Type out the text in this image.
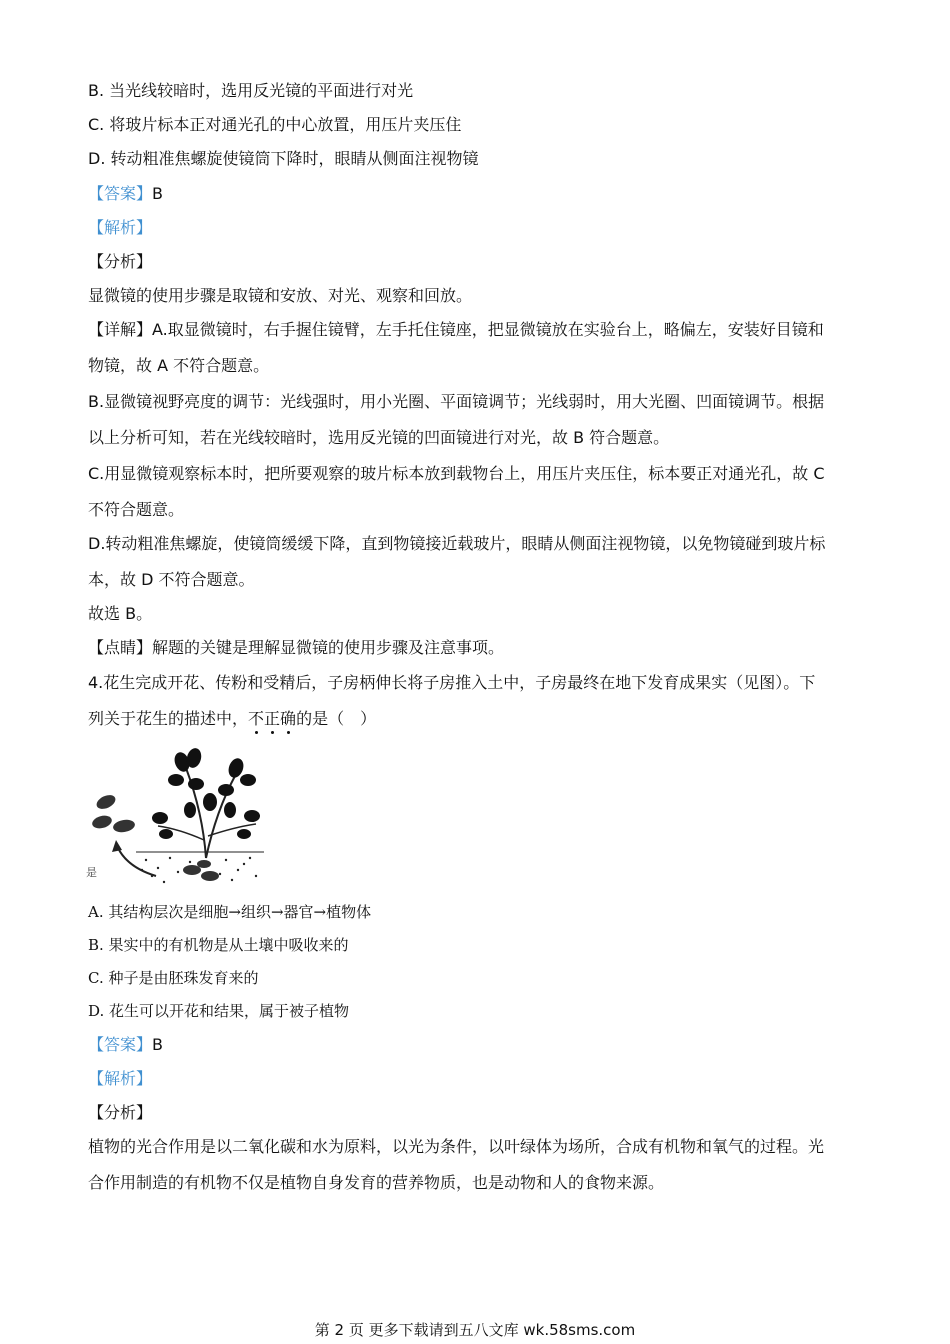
B. 当光线较暗时，选用反光镜的平面进行对光
C. 将玻片标本正对通光孔的中心放置，用压片夹压住
D. 转动粗准焦螺旋使镜筒下降时，眼睛从侧面注视物镜
【答案】B
【解析】
【分析】
显微镜的使用步骤是取镜和安放、对光、观察和回放。
【详解】A.取显微镜时，右手握住镜臂，左手托住镜座，把显微镜放在实验台上，略偏左，安装好目镜和
物镜，故 A 不符合题意。
B.显微镜视野亮度的调节：光线强时，用小光圈、平面镜调节；光线弱时，用大光圈、凹面镜调节。根据
以上分析可知，若在光线较暗时，选用反光镜的凹面镜进行对光，故 B 符合题意。
C.用显微镜观察标本时，把所要观察的玻片标本放到载物台上，用压片夹压住，标本要正对通光孔，故 C
不符合题意。
D.转动粗准焦螺旋，使镜筒缓缓下降，直到物镜接近载玻片，眼睛从侧面注视物镜，以免物镜碰到玻片标
本，故 D 不符合题意。
故选 B。
【点睛】解题的关键是理解显微镜的使用步骤及注意事项。
4.花生完成开花、传粉和受精后，子房柄伸长将子房推入土中，子房最终在地下发育成果实（见图）。下
列关于花生的描述中，不
正
确
的是（　）
是
A. 其结构层次是细胞→组织→器官→植物体
B. 果实中的有机物是从土壤中吸收来的
C. 种子是由胚珠发育来的
D. 花生可以开花和结果，属于被子植物
【答案】B
【解析】
【分析】
植物的光合作用是以二氧化碳和水为原料，以光为条件，以叶绿体为场所，合成有机物和氧气的过程。光
合作用制造的有机物不仅是植物自身发育的营养物质，也是动物和人的食物来源。
第 2 页 更多下载请到五八文库 wk.58sms.com
